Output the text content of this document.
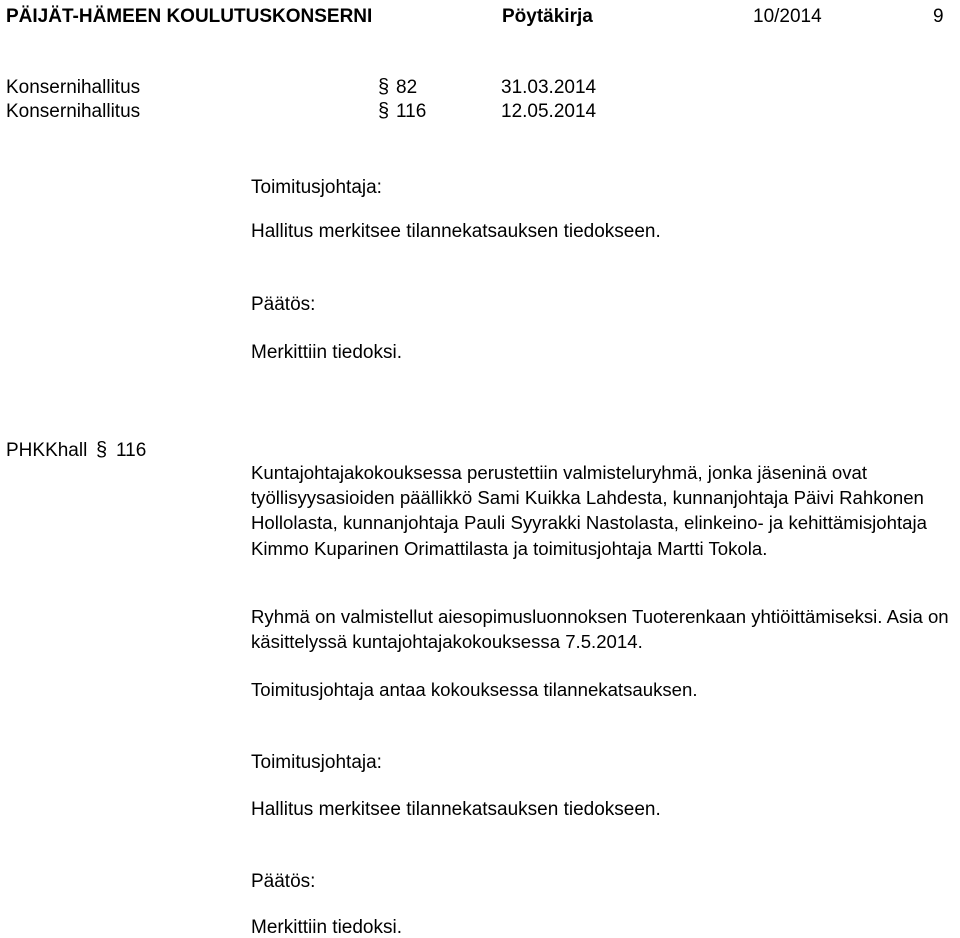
PÄIJÄT-HÄMEEN KOULUTUSKONSERNI	Pöytäkirja	10/2014	9
Konsernihallitus	§ 82	31.03.2014
Konsernihallitus	§ 116	12.05.2014
Toimitusjohtaja:
Hallitus merkitsee tilannekatsauksen tiedokseen.
Päätös:
Merkittiin tiedoksi.
PHKKhall § 116
Kuntajohtajakokouksessa perustettiin valmisteluryhmä, jonka jäseninä ovat työllisyysasioiden päällikkö Sami Kuikka Lahdesta, kunnanjohtaja Päivi Rahkonen Hollolasta, kunnanjohtaja Pauli Syyrakki Nastolasta, elinkeino- ja kehittämisjohtaja Kimmo Kuparinen Orimattilasta ja toimitusjohtaja Martti Tokola.
Ryhmä on valmistellut aiesopimusluonnoksen Tuoterenkaan yhtiöittämiseksi. Asia on käsittelyssä kuntajohtajakokouksessa 7.5.2014.
Toimitusjohtaja antaa kokouksessa tilannekatsauksen.
Toimitusjohtaja:
Hallitus merkitsee tilannekatsauksen tiedokseen.
Päätös:
Merkittiin tiedoksi.
